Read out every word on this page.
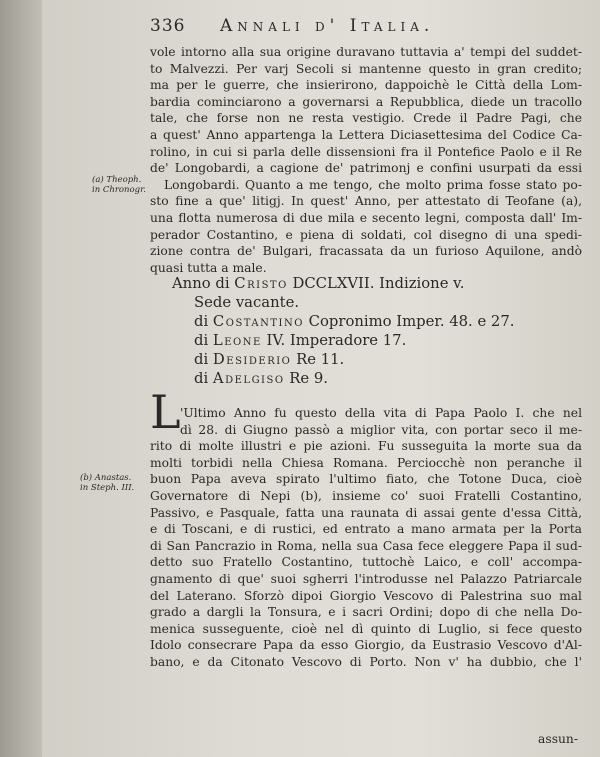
336 Annali d' Italia.
vole intorno alla sua origine duravano tuttavia a' tempi del suddet-
to Malvezzi. Per varj Secoli si mantenne questo in gran credito;
ma per le guerre, che insierirono, dappoichè le Città della Lom-
bardia cominciarono a governarsi a Repubblica, diede un tracollo
tale, che forse non ne resta vestigio. Crede il Padre Pagi, che
a quest' Anno appartenga la Lettera Diciasettesima del Codice Ca-
rolino, in cui si parla delle dissensioni fra il Pontefice Paolo e il Re
de' Longobardi, a cagione de' patrimonj e confini usurpati da essi
Longobardi. Quanto a me tengo, che molto prima fosse stato po-
sto fine a que' litigj. In quest' Anno, per attestato di Teofane (a),
una flotta numerosa di due mila e secento legni, composta dall' Im-
perador Costantino, e piena di soldati, col disegno di una spedi-
zione contra de' Bulgari, fracassata da un furioso Aquilone, andò
quasi tutta a male.
(a) Theoph.
in Chronogr.
Anno di Cristo DCCLXVII. Indizione v.
Sede vacante.
di Costantino Copronimo Imper. 48. e 27.
di Leone IV. Imperadore 17.
di Desiderio Re 11.
di Adelgiso Re 9.
L 'Ultimo Anno fu questo della vita di Papa Paolo I. che nel
dì 28. di Giugno passò a miglior vita, con portar seco il me-
rito di molte illustri e pie azioni. Fu susseguita la morte sua da
molti torbidi nella Chiesa Romana. Perciocchè non peranche il
buon Papa aveva spirato l'ultimo fiato, che Totone Duca, cioè
Governatore di Nepi (b), insieme co' suoi Fratelli Costantino,
Passivo, e Pasquale, fatta una raunata di assai gente d'essa Città,
e di Toscani, e di rustici, ed entrato a mano armata per la Porta
di San Pancrazio in Roma, nella sua Casa fece eleggere Papa il sud-
detto suo Fratello Costantino, tuttochè Laico, e coll' accompa-
gnamento di que' suoi sgherri l'introdusse nel Palazzo Patriarcale
del Laterano. Sforzò dipoi Giorgio Vescovo di Palestrina suo mal
grado a dargli la Tonsura, e i sacri Ordini; dopo di che nella Do-
menica susseguente, cioè nel dì quinto di Luglio, si fece questo
Idolo consecrare Papa da esso Giorgio, da Eustrasio Vescovo d'Al-
bano, e da Citonato Vescovo di Porto. Non v' ha dubbio, che l'
(b) Anastas.
in Steph. III.
assun-
